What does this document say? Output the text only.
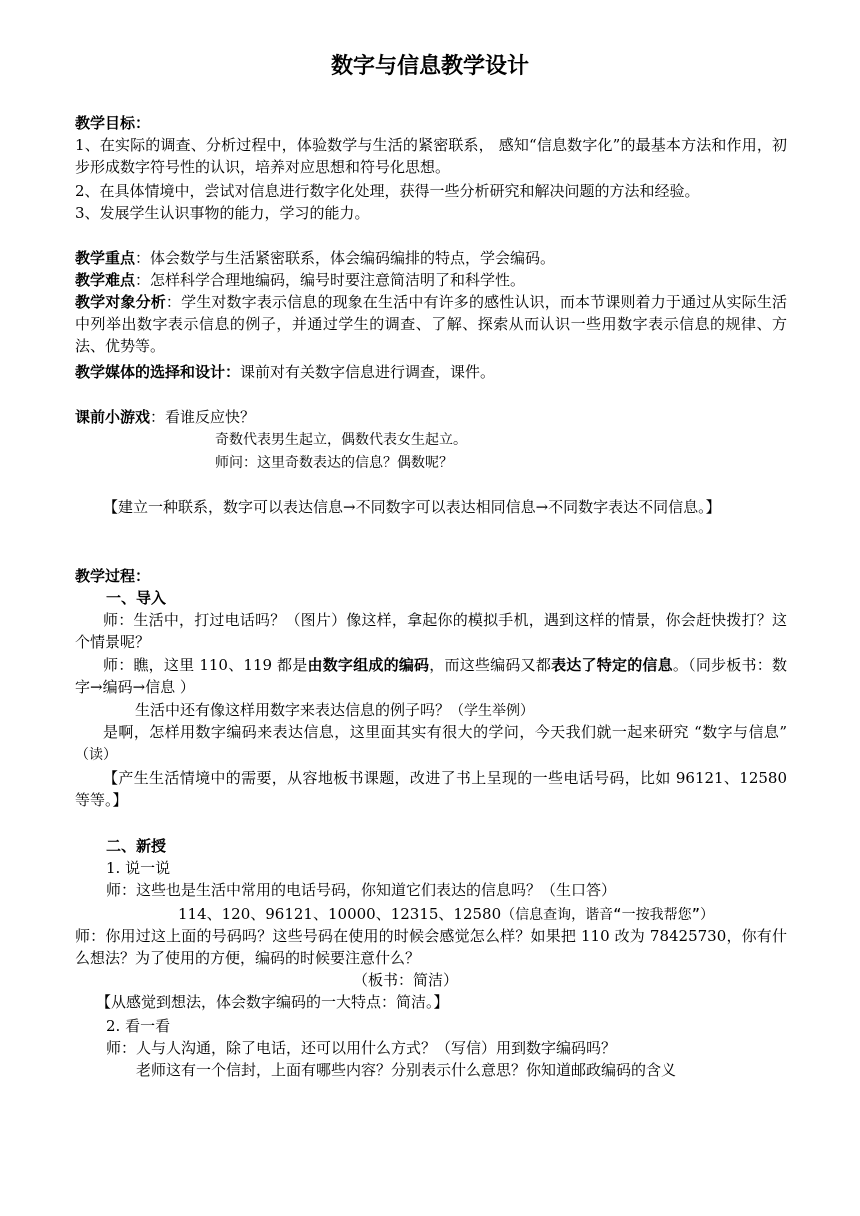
数字与信息教学设计
教学目标：
1、在实际的调查、分析过程中，体验数学与生活的紧密联系， 感知“信息数字化”的最基本方法和作用，初步形成数字符号性的认识，培养对应思想和符号化思想。
2、在具体情境中，尝试对信息进行数字化处理，获得一些分析研究和解决问题的方法和经验。
3、发展学生认识事物的能力，学习的能力。
教学重点：体会数学与生活紧密联系，体会编码编排的特点，学会编码。
教学难点：怎样科学合理地编码，编号时要注意简洁明了和科学性。
教学对象分析：学生对数字表示信息的现象在生活中有许多的感性认识，而本节课则着力于通过从实际生活中列举出数字表示信息的例子，并通过学生的调查、了解、探索从而认识一些用数字表示信息的规律、方法、优势等。
教学媒体的选择和设计：课前对有关数字信息进行调查，课件。
课前小游戏：看谁反应快？
奇数代表男生起立，偶数代表女生起立。
师问：这里奇数表达的信息？偶数呢？
【建立一种联系，数字可以表达信息→不同数字可以表达相同信息→不同数字表达不同信息。】
教学过程：
一、导入
师：生活中，打过电话吗？（图片）像这样，拿起你的模拟手机，遇到这样的情景，你会赶快拨打？这个情景呢？
师：瞧，这里 110、119 都是由数字组成的编码，而这些编码又都表达了特定的信息。（同步板书：数字→编码→信息 ）
生活中还有像这样用数字来表达信息的例子吗？（学生举例）
是啊，怎样用数字编码来表达信息，这里面其实有很大的学问，今天我们就一起来研究 “数字与信息” （读）
【产生生活情境中的需要，从容地板书课题，改进了书上呈现的一些电话号码，比如 96121、12580 等等。】
二、新授
1. 说一说
师：这些也是生活中常用的电话号码，你知道它们表达的信息吗？（生口答）
114、120、96121、10000、12315、12580（信息查询，谐音“一按我帮您”）
师：你用过这上面的号码吗？这些号码在使用的时候会感觉怎么样？如果把 110 改为 78425730，你有什么想法？为了使用的方便，编码的时候要注意什么？
（板书：简洁）
【从感觉到想法，体会数字编码的一大特点：简洁。】
2. 看一看
师：人与人沟通，除了电话，还可以用什么方式？（写信）用到数字编码吗？
老师这有一个信封，上面有哪些内容？分别表示什么意思？你知道邮政编码的含义
